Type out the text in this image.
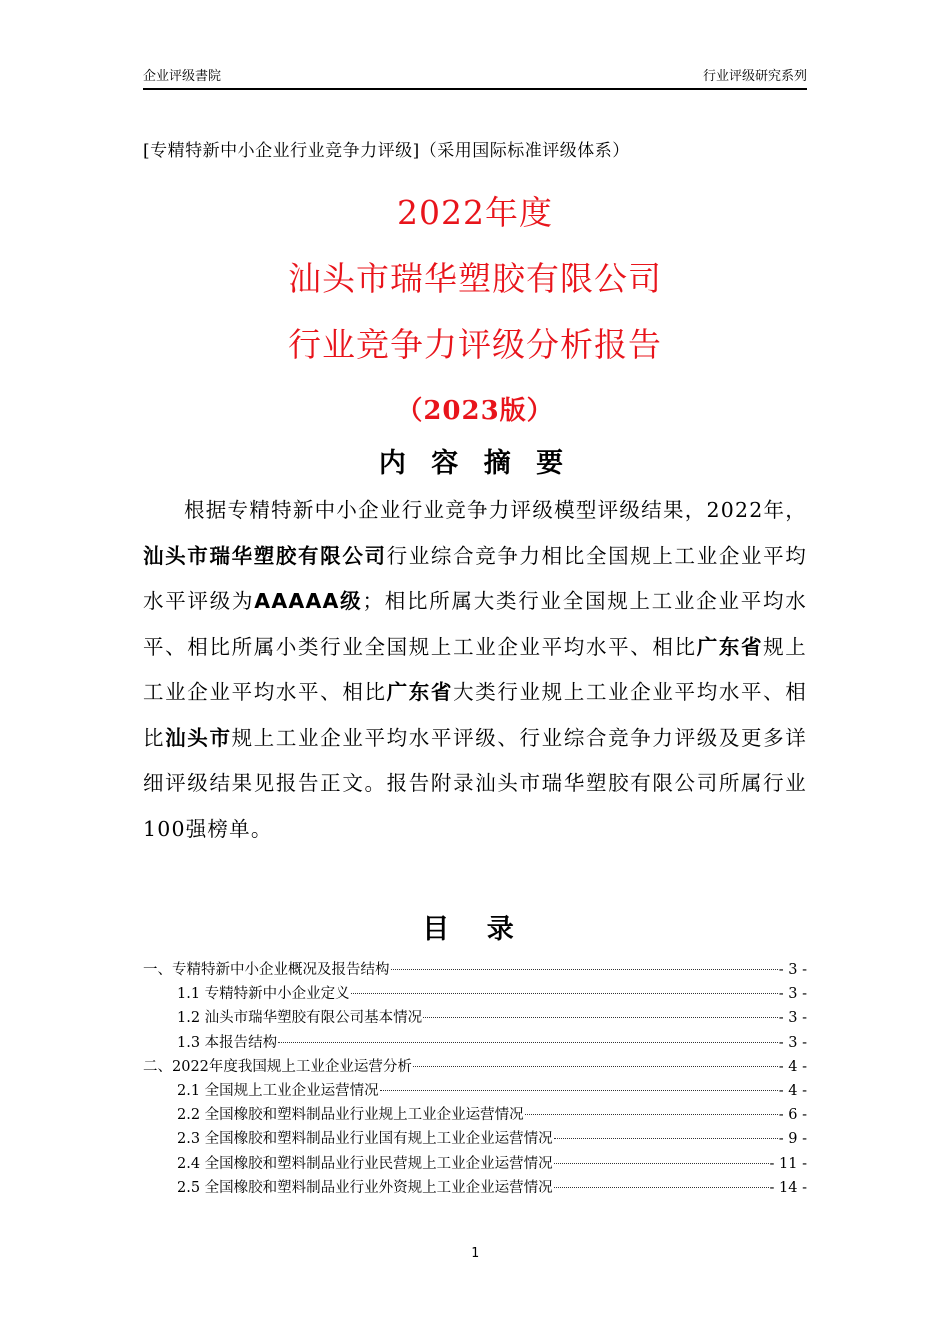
企业评级書院	行业评级研究系列
[专精特新中小企业行业竞争力评级]（采用国际标准评级体系）
2022年度
汕头市瑞华塑胶有限公司
行业竞争力评级分析报告
（2023版）
内 容 摘 要

根据专精特新中小企业行业竞争力评级模型评级结果，2022年，汕头市瑞华塑胶有限公司行业综合竞争力相比全国规上工业企业平均水平评级为AAAAA级；相比所属大类行业全国规上工业企业平均水平、相比所属小类行业全国规上工业企业平均水平、相比广东省规上工业企业平均水平、相比广东省大类行业规上工业企业平均水平、相比汕头市规上工业企业平均水平评级、行业综合竞争力评级及更多详细评级结果见报告正文。报告附录汕头市瑞华塑胶有限公司所属行业100强榜单。

目 录
一、专精特新中小企业概况及报告结构	- 3 -
1.1 专精特新中小企业定义	- 3 -
1.2 汕头市瑞华塑胶有限公司基本情况	- 3 -
1.3 本报告结构	- 3 -
二、2022年度我国规上工业企业运营分析	- 4 -
2.1 全国规上工业企业运营情况	- 4 -
2.2 全国橡胶和塑料制品业行业规上工业企业运营情况	- 6 -
2.3 全国橡胶和塑料制品业行业国有规上工业企业运营情况	- 9 -
2.4 全国橡胶和塑料制品业行业民营规上工业企业运营情况	- 11 -
2.5 全国橡胶和塑料制品业行业外资规上工业企业运营情况	- 14 -
1
